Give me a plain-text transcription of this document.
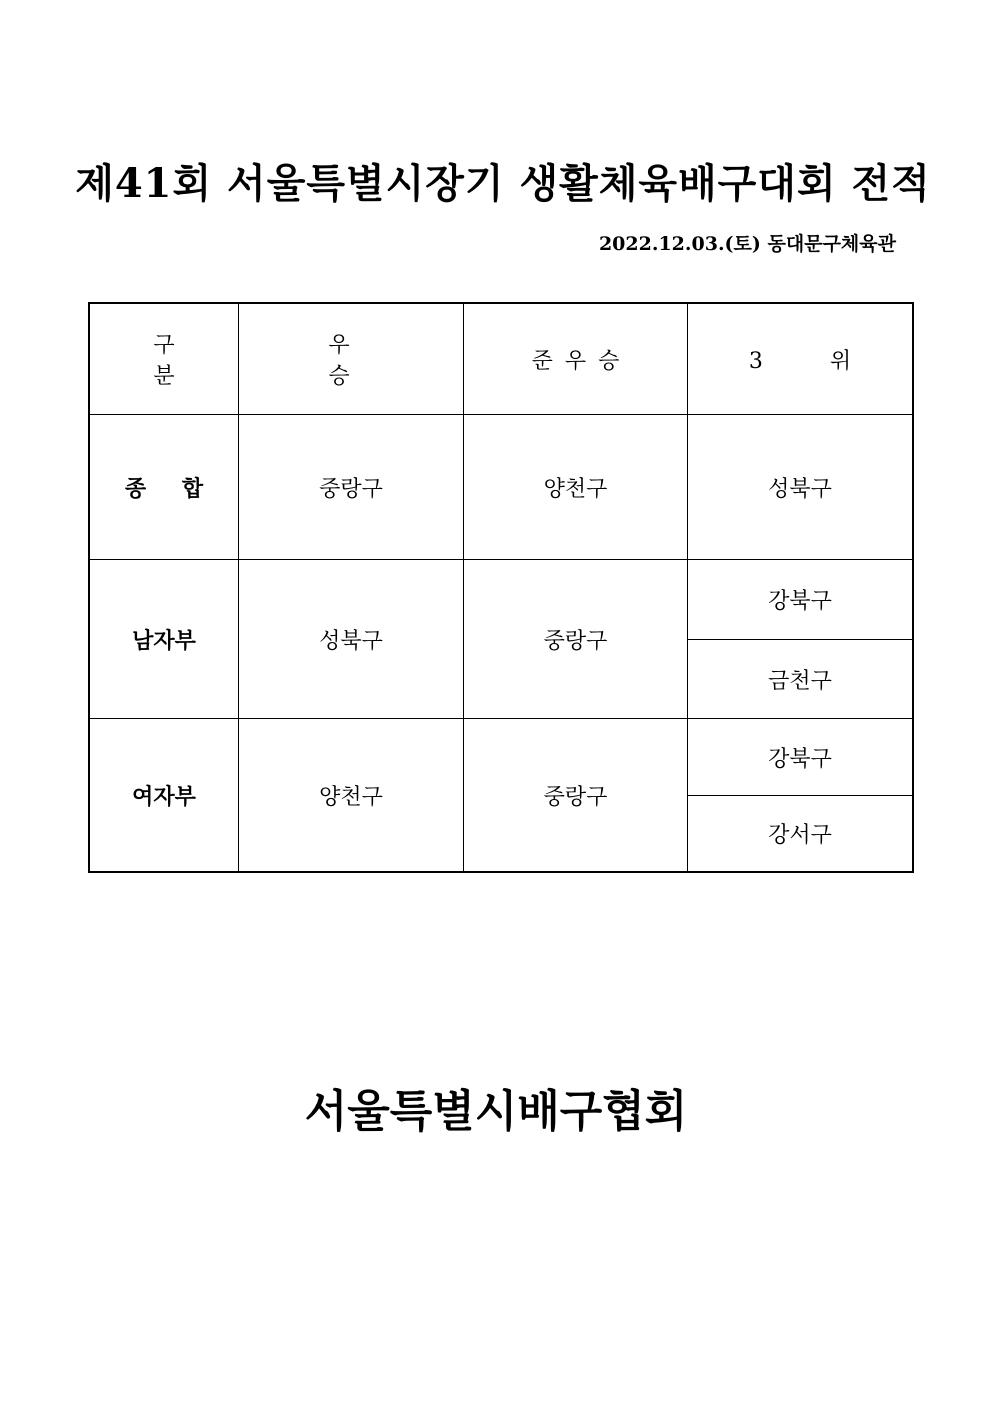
제41회 서울특별시장기 생활체육배구대회 전적
2022.12.03.(토) 동대문구체육관
구 분	우 승	준우승	3 위
종 합	중랑구	양천구	성북구
남자부	성북구	중랑구	강북구
			금천구
여자부	양천구	중랑구	강북구
			강서구
서울특별시배구협회
